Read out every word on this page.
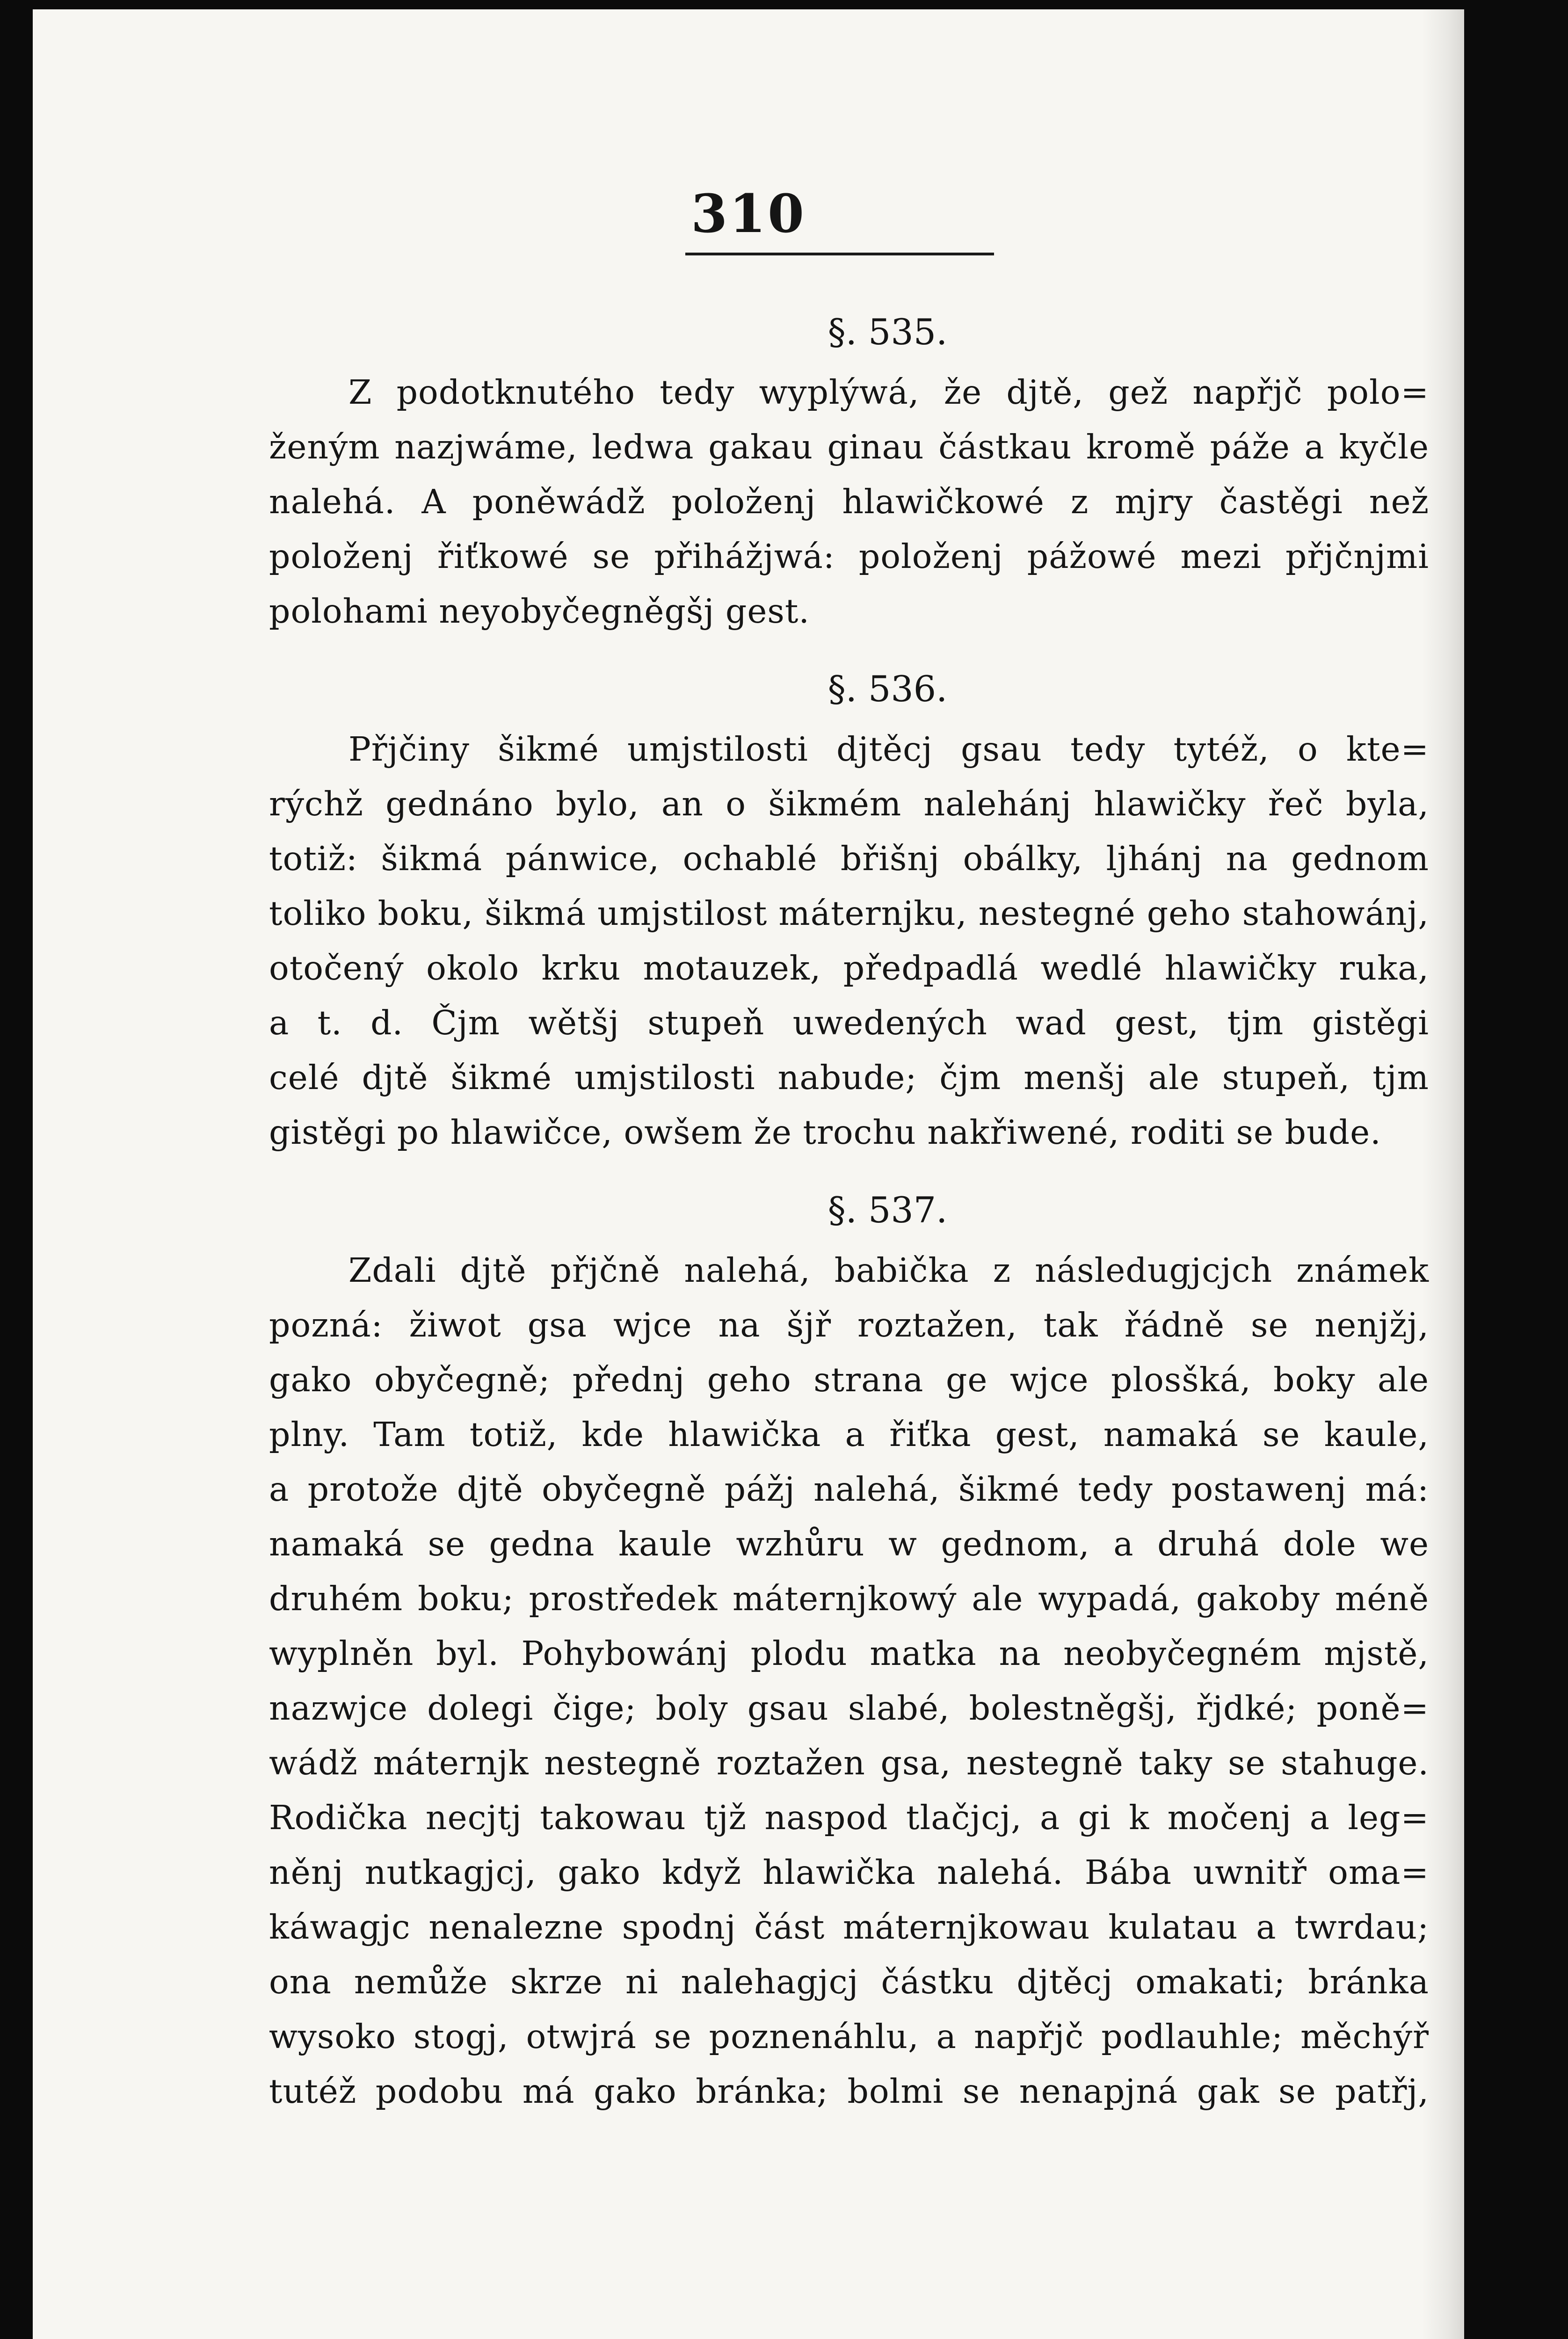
310
§. 535.
Z podotknutého tedy wyplýwá, že djtě, gež napřjč polo=
ženým nazjwáme, ledwa gakau ginau částkau kromě páže a kyčle
nalehá. A poněwádž položenj hlawičkowé z mjry častěgi než
položenj řiťkowé se přihážjwá: položenj pážowé mezi přjčnjmi
polohami neyobyčegněgšj gest.
§. 536.
Přjčiny šikmé umjstilosti djtěcj gsau tedy tytéž, o kte=
rýchž gednáno bylo, an o šikmém nalehánj hlawičky řeč byla,
totiž: šikmá pánwice, ochablé břišnj obálky, ljhánj na gednom
toliko boku, šikmá umjstilost máternjku, nestegné geho stahowánj,
otočený okolo krku motauzek, předpadlá wedlé hlawičky ruka,
a t. d. Čjm wětšj stupeň uwedených wad gest, tjm gistěgi
celé djtě šikmé umjstilosti nabude; čjm menšj ale stupeň, tjm
gistěgi po hlawičce, owšem že trochu nakřiwené, roditi se bude.
§. 537.
Zdali djtě přjčně nalehá, babička z následugjcjch známek
pozná: žiwot gsa wjce na šjř roztažen, tak řádně se nenjžj,
gako obyčegně; přednj geho strana ge wjce plosšká, boky ale
plny. Tam totiž, kde hlawička a řiťka gest, namaká se kaule,
a protože djtě obyčegně pážj nalehá, šikmé tedy postawenj má:
namaká se gedna kaule wzhůru w gednom, a druhá dole we
druhém boku; prostředek máternjkowý ale wypadá, gakoby méně
wyplněn byl. Pohybowánj plodu matka na neobyčegném mjstě,
nazwjce dolegi čige; boly gsau slabé, bolestněgšj, řjdké; poně=
wádž máternjk nestegně roztažen gsa, nestegně taky se stahuge.
Rodička necjtj takowau tjž naspod tlačjcj, a gi k močenj a leg=
něnj nutkagjcj, gako když hlawička nalehá. Bába uwnitř oma=
káwagjc nenalezne spodnj část máternjkowau kulatau a twrdau;
ona nemůže skrze ni nalehagjcj částku djtěcj omakati; bránka
wysoko stogj, otwjrá se poznenáhlu, a napřjč podlauhle; měchýř
tutéž podobu má gako bránka; bolmi se nenapjná gak se patřj,
